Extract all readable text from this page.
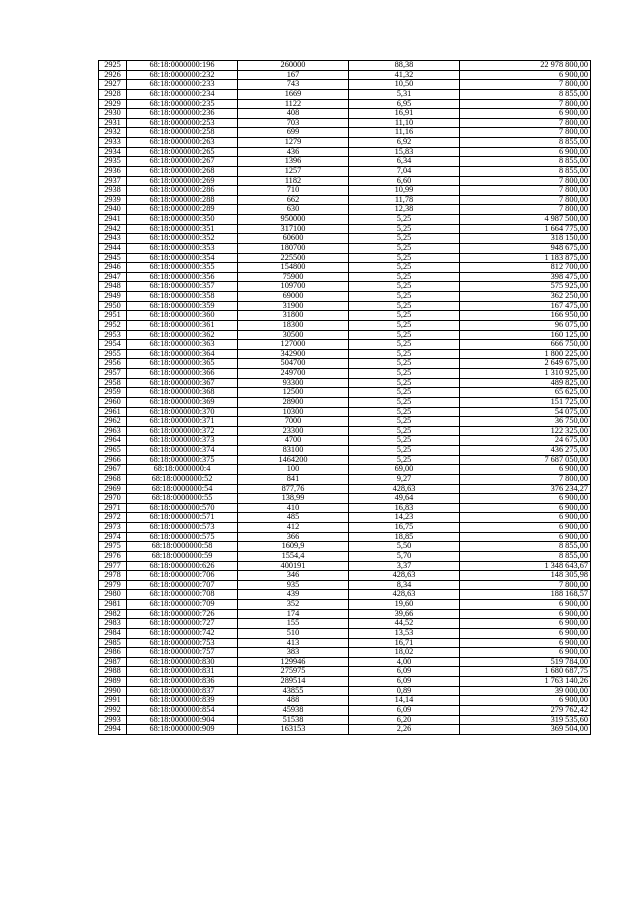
2925	68:18:0000000:196	260000	88,38	22 978 800,00
2926	68:18:0000000:232	167	41,32	6 900,00
2927	68:18:0000000:233	743	10,50	7 800,00
2928	68:18:0000000:234	1669	5,31	8 855,00
2929	68:18:0000000:235	1122	6,95	7 800,00
2930	68:18:0000000:236	408	16,91	6 900,00
2931	68:18:0000000:253	703	11,10	7 800,00
2932	68:18:0000000:258	699	11,16	7 800,00
2933	68:18:0000000:263	1279	6,92	8 855,00
2934	68:18:0000000:265	436	15,83	6 900,00
2935	68:18:0000000:267	1396	6,34	8 855,00
2936	68:18:0000000:268	1257	7,04	8 855,00
2937	68:18:0000000:269	1182	6,60	7 800,00
2938	68:18:0000000:286	710	10,99	7 800,00
2939	68:18:0000000:288	662	11,78	7 800,00
2940	68:18:0000000:289	630	12,38	7 800,00
2941	68:18:0000000:350	950000	5,25	4 987 500,00
2942	68:18:0000000:351	317100	5,25	1 664 775,00
2943	68:18:0000000:352	60600	5,25	318 150,00
2944	68:18:0000000:353	180700	5,25	948 675,00
2945	68:18:0000000:354	225500	5,25	1 183 875,00
2946	68:18:0000000:355	154800	5,25	812 700,00
2947	68:18:0000000:356	75900	5,25	398 475,00
2948	68:18:0000000:357	109700	5,25	575 925,00
2949	68:18:0000000:358	69000	5,25	362 250,00
2950	68:18:0000000:359	31900	5,25	167 475,00
2951	68:18:0000000:360	31800	5,25	166 950,00
2952	68:18:0000000:361	18300	5,25	96 075,00
2953	68:18:0000000:362	30500	5,25	160 125,00
2954	68:18:0000000:363	127000	5,25	666 750,00
2955	68:18:0000000:364	342900	5,25	1 800 225,00
2956	68:18:0000000:365	504700	5,25	2 649 675,00
2957	68:18:0000000:366	249700	5,25	1 310 925,00
2958	68:18:0000000:367	93300	5,25	489 825,00
2959	68:18:0000000:368	12500	5,25	65 625,00
2960	68:18:0000000:369	28900	5,25	151 725,00
2961	68:18:0000000:370	10300	5,25	54 075,00
2962	68:18:0000000:371	7000	5,25	36 750,00
2963	68:18:0000000:372	23300	5,25	122 325,00
2964	68:18:0000000:373	4700	5,25	24 675,00
2965	68:18:0000000:374	83100	5,25	436 275,00
2966	68:18:0000000:375	1464200	5,25	7 687 050,00
2967	68:18:0000000:4	100	69,00	6 900,00
2968	68:18:0000000:52	841	9,27	7 800,00
2969	68:18:0000000:54	877,76	428,63	376 234,27
2970	68:18:0000000:55	138,99	49,64	6 900,00
2971	68:18:0000000:570	410	16,83	6 900,00
2972	68:18:0000000:571	485	14,23	6 900,00
2973	68:18:0000000:573	412	16,75	6 900,00
2974	68:18:0000000:575	366	18,85	6 900,00
2975	68:18:0000000:58	1609,9	5,50	8 855,00
2976	68:18:0000000:59	1554,4	5,70	8 855,00
2977	68:18:0000000:626	400191	3,37	1 348 643,67
2978	68:18:0000000:706	346	428,63	148 305,98
2979	68:18:0000000:707	935	8,34	7 800,00
2980	68:18:0000000:708	439	428,63	188 168,57
2981	68:18:0000000:709	352	19,60	6 900,00
2982	68:18:0000000:726	174	39,66	6 900,00
2983	68:18:0000000:727	155	44,52	6 900,00
2984	68:18:0000000:742	510	13,53	6 900,00
2985	68:18:0000000:753	413	16,71	6 900,00
2986	68:18:0000000:757	383	18,02	6 900,00
2987	68:18:0000000:830	129946	4,00	519 784,00
2988	68:18:0000000:831	275975	6,09	1 680 687,75
2989	68:18:0000000:836	289514	6,09	1 763 140,26
2990	68:18:0000000:837	43855	0,89	39 000,00
2991	68:18:0000000:839	488	14,14	6 900,00
2992	68:18:0000000:854	45938	6,09	279 762,42
2993	68:18:0000000:904	51538	6,20	319 535,60
2994	68:18:0000000:909	163153	2,26	369 504,00
